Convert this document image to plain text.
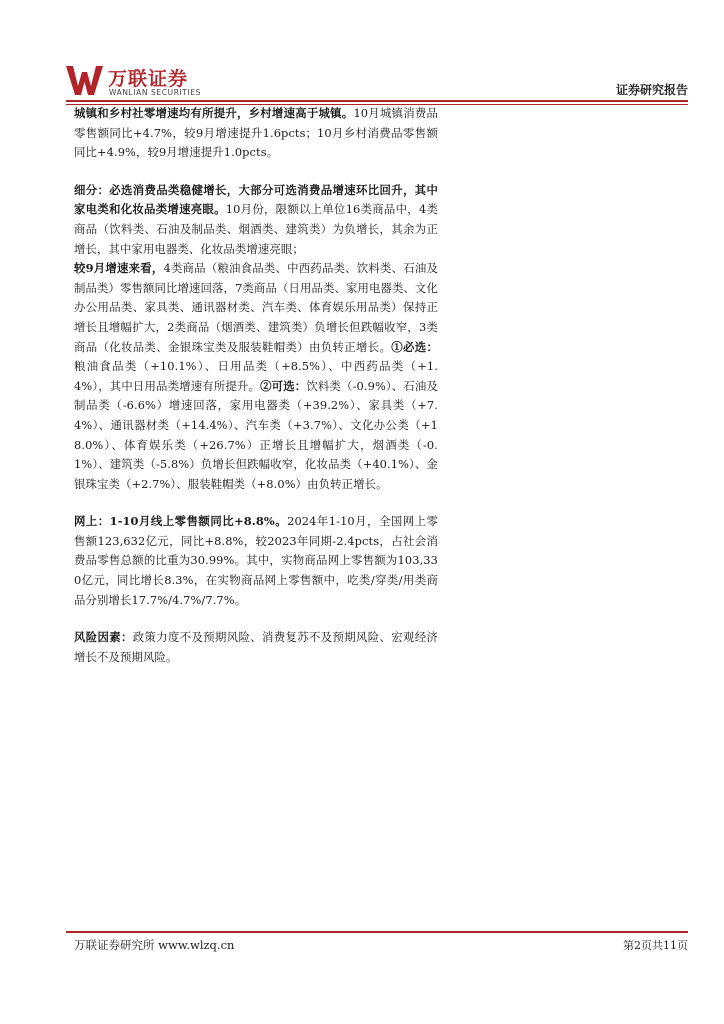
万联证券
WANLIAN SECURITIES	证券研究报告

城镇和乡村社零增速均有所提升，乡村增速高于城镇。10月城镇消费品零售额同比+4.7%，较9月增速提升1.6pcts；10月乡村消费品零售额同比+4.9%，较9月增速提升1.0pcts。

细分：必选消费品类稳健增长，大部分可选消费品增速环比回升，其中家电类和化妆品类增速亮眼。10月份，限额以上单位16类商品中，4类商品（饮料类、石油及制品类、烟酒类、建筑类）为负增长，其余为正增长，其中家用电器类、化妆品类增速亮眼；
较9月增速来看，4类商品（粮油食品类、中西药品类、饮料类、石油及制品类）零售额同比增速回落，7类商品（日用品类、家用电器类、文化办公用品类、家具类、通讯器材类、汽车类、体育娱乐用品类）保持正增长且增幅扩大，2类商品（烟酒类、建筑类）负增长但跌幅收窄，3类商品（化妆品类、金银珠宝类及服装鞋帽类）由负转正增长。①必选：粮油食品类（+10.1%）、日用品类（+8.5%）、中西药品类（+1.4%），其中日用品类增速有所提升。②可选：饮料类（-0.9%）、石油及制品类（-6.6%）增速回落，家用电器类（+39.2%）、家具类（+7.4%）、通讯器材类（+14.4%）、汽车类（+3.7%）、文化办公类（+18.0%）、体育娱乐类（+26.7%）正增长且增幅扩大，烟酒类（-0.1%）、建筑类（-5.8%）负增长但跌幅收窄，化妆品类（+40.1%）、金银珠宝类（+2.7%）、服装鞋帽类（+8.0%）由负转正增长。

网上：1-10月线上零售额同比+8.8%。2024年1-10月，全国网上零售额123,632亿元，同比+8.8%，较2023年同期-2.4pcts，占社会消费品零售总额的比重为30.99%。其中，实物商品网上零售额为103,330亿元，同比增长8.3%，在实物商品网上零售额中，吃类/穿类/用类商品分别增长17.7%/4.7%/7.7%。

风险因素：政策力度不及预期风险、消费复苏不及预期风险、宏观经济增长不及预期风险。

万联证券研究所 www.wlzq.cn	第2页共11页
